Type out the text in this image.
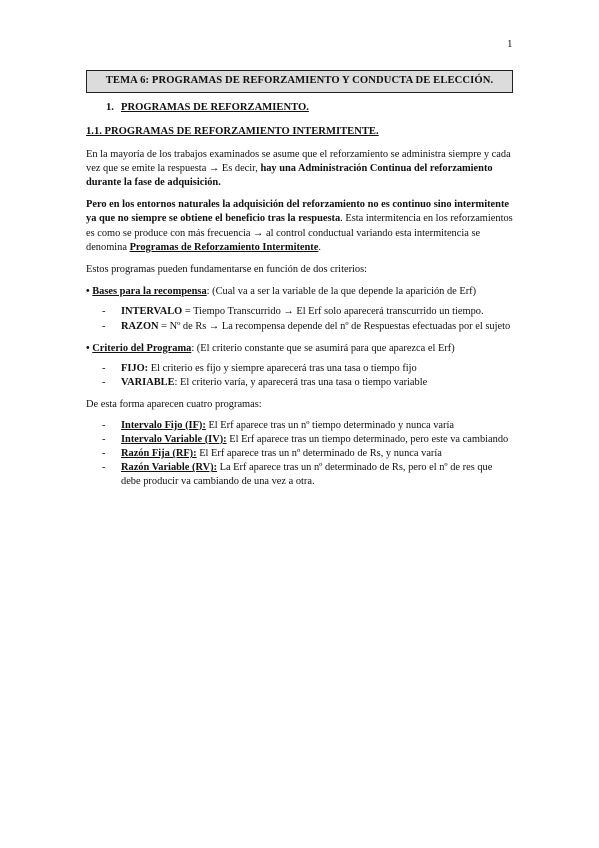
1
TEMA 6: PROGRAMAS DE REFORZAMIENTO Y CONDUCTA DE ELECCIÓN.
1. PROGRAMAS DE REFORZAMIENTO.
1.1. PROGRAMAS DE REFORZAMIENTO INTERMITENTE.

En la mayoría de los trabajos examinados se asume que el reforzamiento se administra siempre y cada vez que se emite la respuesta → Es decir, hay una Administración Continua del reforzamiento durante la fase de adquisición.

Pero en los entornos naturales la adquisición del reforzamiento no es continuo sino intermitente ya que no siempre se obtiene el beneficio tras la respuesta. Esta intermitencia en los reforzamientos es como se produce con más frecuencia → al control conductual variando esta intermitencia se denomina Programas de Reforzamiento Intermitente.

Estos programas pueden fundamentarse en función de dos criterios:

• Bases para la recompensa: (Cual va a ser la variable de la que depende la aparición de Erf)

- INTERVALO = Tiempo Transcurrido → El Erf solo aparecerá transcurrido un tiempo.
- RAZON = Nº de Rs → La recompensa depende del nº de Respuestas efectuadas por el sujeto

• Criterio del Programa: (El criterio constante que se asumirá para que aparezca el Erf)

- FIJO: El criterio es fijo y siempre aparecerá tras una tasa o tiempo fijo
- VARIABLE: El criterio varía, y aparecerá tras una tasa o tiempo variable

De esta forma aparecen cuatro programas:

- Intervalo Fijo (IF): El Erf aparece tras un nº tiempo determinado y nunca varía
- Intervalo Variable (IV): El Erf aparece tras un tiempo determinado, pero este va cambiando
- Razón Fija (RF): El Erf aparece tras un nº determinado de Rs, y nunca varía
- Razón Variable (RV): La Erf aparece tras un nº determinado de Rs, pero el nº de res que debe producir va cambiando de una vez a otra.
